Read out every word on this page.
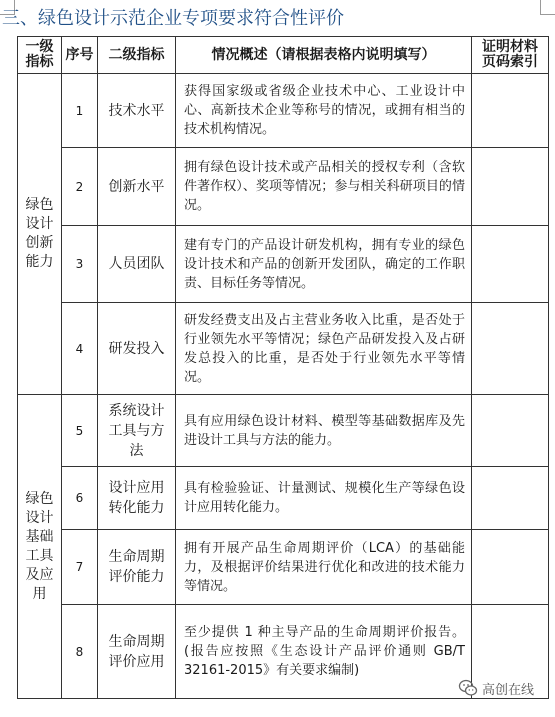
三、绿色设计示范企业专项要求符合性评价
一级指标	序号	二级指标	情况概述（请根据表格内说明填写）	证明材料页码索引
绿色设计创新能力	1	技术水平	获得国家级或省级企业技术中心、工业设计中心、高新技术企业等称号的情况，或拥有相当的技术机构情况。	
	2	创新水平	拥有绿色设计技术或产品相关的授权专利（含软件著作权）、奖项等情况；参与相关科研项目的情况。	
	3	人员团队	建有专门的产品设计研发机构，拥有专业的绿色设计技术和产品的创新开发团队，确定的工作职责、目标任务等情况。	
	4	研发投入	研发经费支出及占主营业务收入比重，是否处于行业领先水平等情况；绿色产品研发投入及占研发总投入的比重，是否处于行业领先水平等情况。	
绿色设计基础工具及应用	5	系统设计工具与方法	具有应用绿色设计材料、模型等基础数据库及先进设计工具与方法的能力。	
	6	设计应用转化能力	具有检验验证、计量测试、规模化生产等绿色设计应用转化能力。	
	7	生命周期评价能力	拥有开展产品生命周期评价（LCA）的基础能力，及根据评价结果进行优化和改进的技术能力等情况。	
	8	生命周期评价应用	至少提供 1 种主导产品的生命周期评价报告。(报告应按照《生态设计产品评价通则 GB/T 32161-2015》有关要求编制)	
高创在线
